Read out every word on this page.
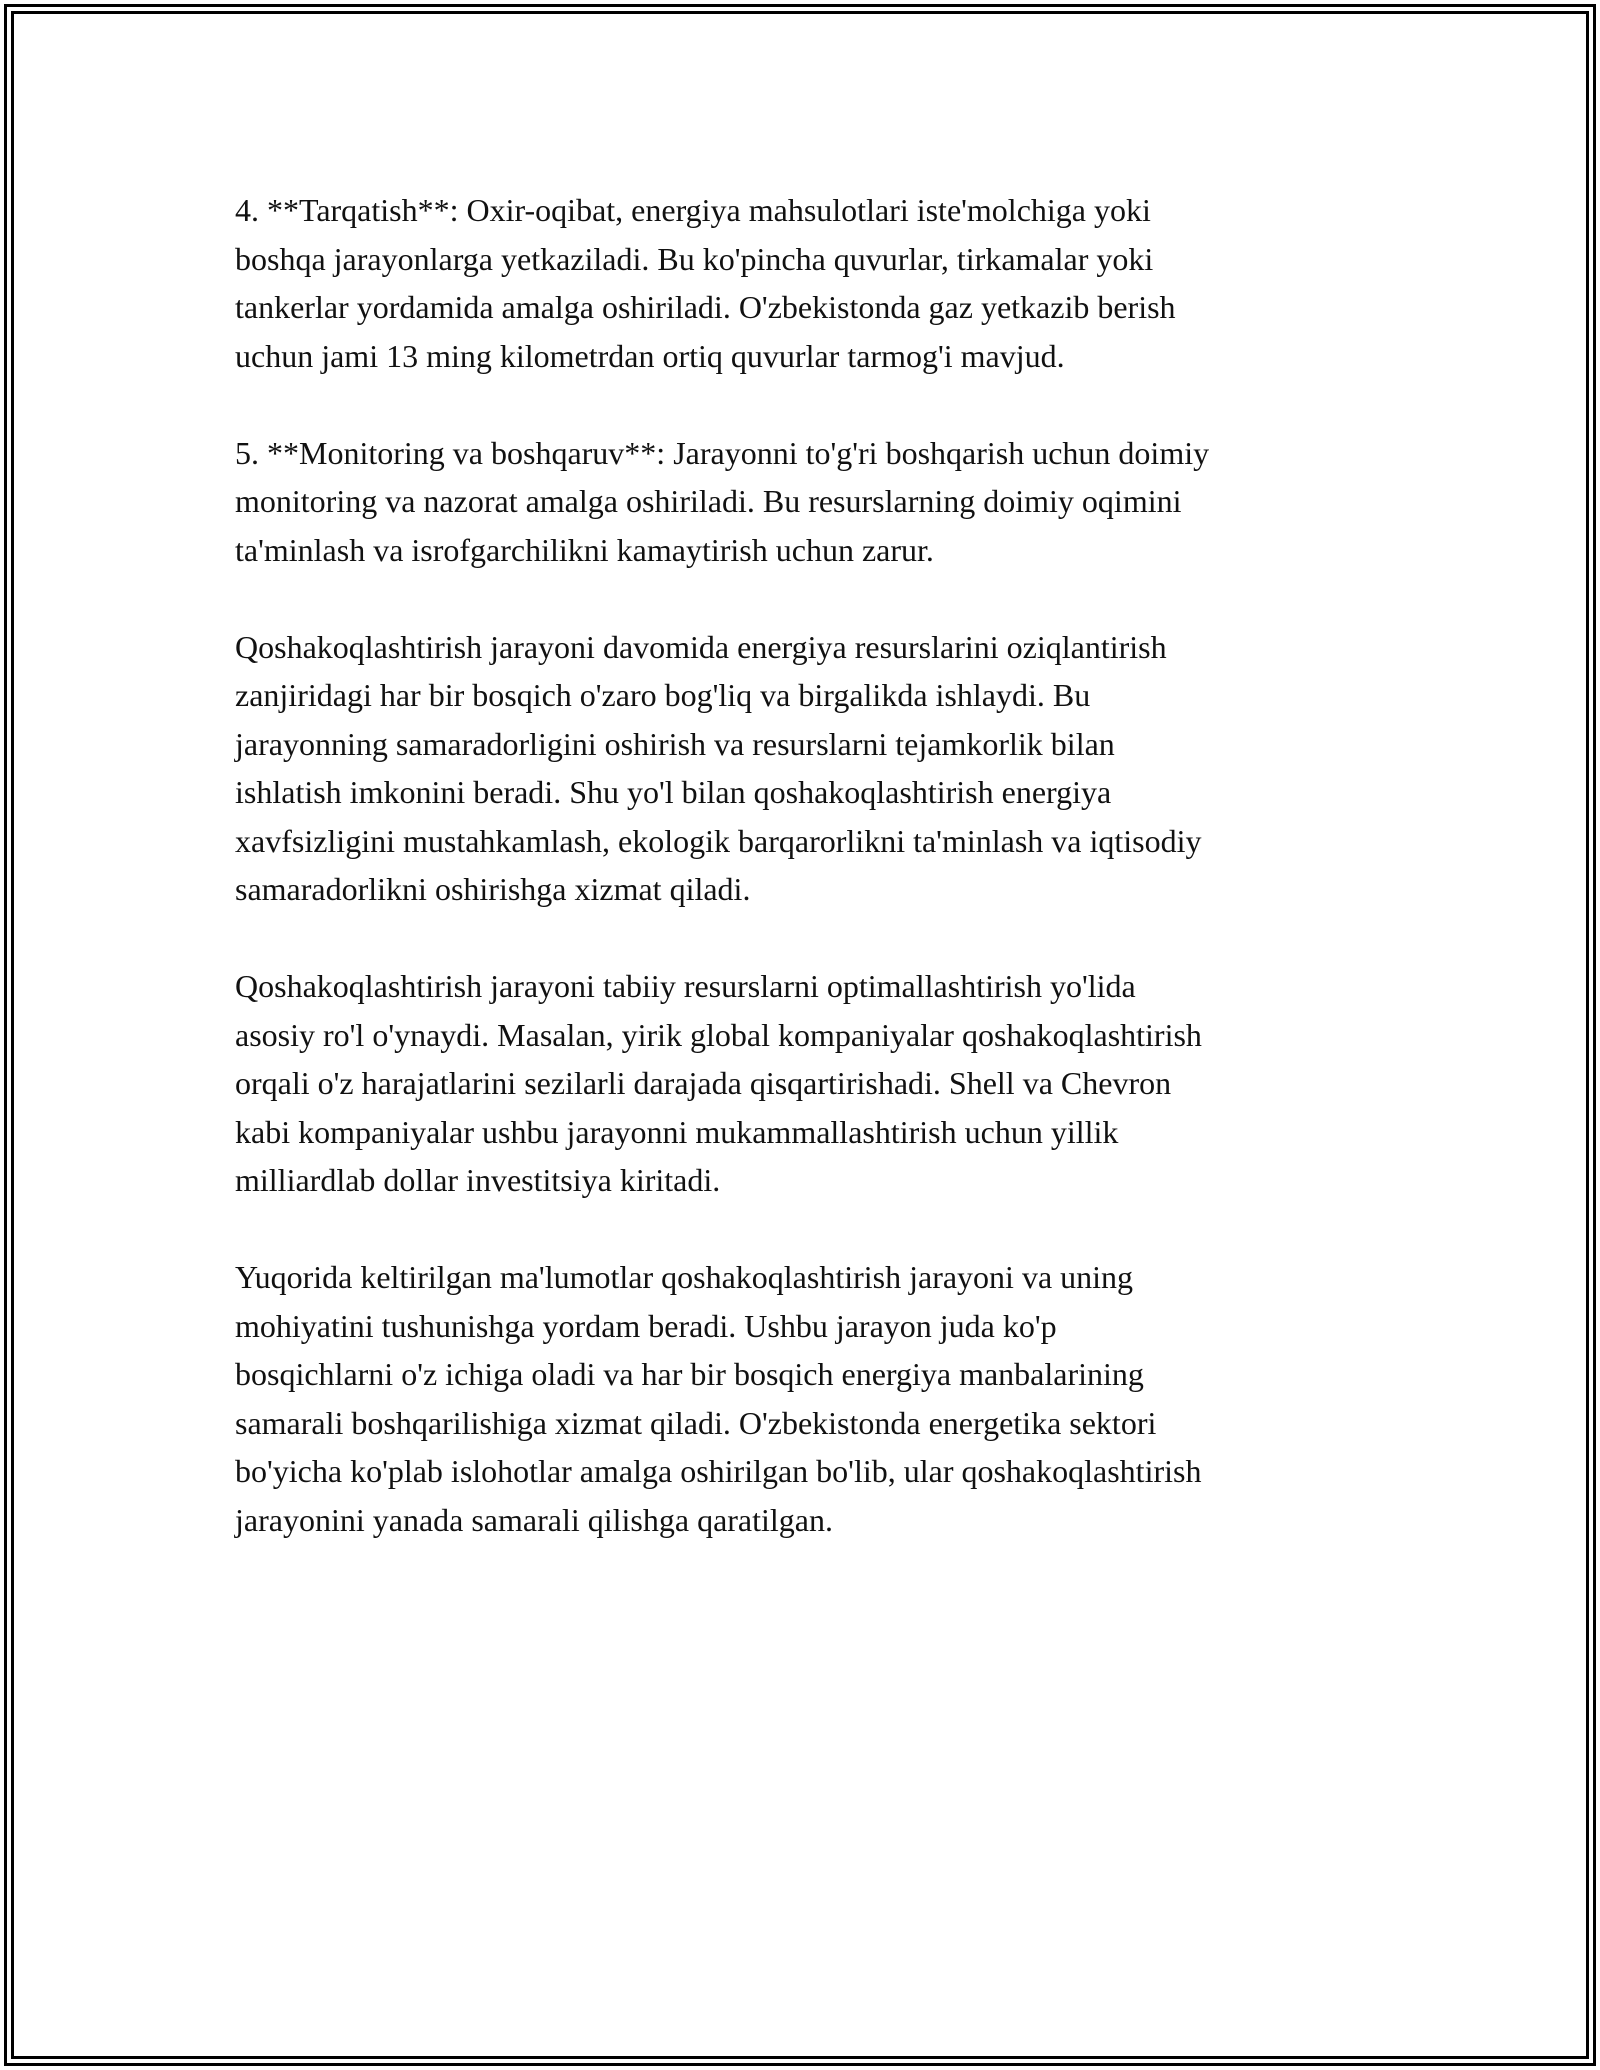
4. **Tarqatish**: Oxir-oqibat, energiya mahsulotlari iste'molchiga yoki
boshqa jarayonlarga yetkaziladi. Bu ko'pincha quvurlar, tirkamalar yoki
tankerlar yordamida amalga oshiriladi. O'zbekistonda gaz yetkazib berish
uchun jami 13 ming kilometrdan ortiq quvurlar tarmog'i mavjud.

5. **Monitoring va boshqaruv**: Jarayonni to'g'ri boshqarish uchun doimiy
monitoring va nazorat amalga oshiriladi. Bu resurslarning doimiy oqimini
ta'minlash va isrofgarchilikni kamaytirish uchun zarur.

Qoshakoqlashtirish jarayoni davomida energiya resurslarini oziqlantirish
zanjiridagi har bir bosqich o'zaro bog'liq va birgalikda ishlaydi. Bu
jarayonning samaradorligini oshirish va resurslarni tejamkorlik bilan
ishlatish imkonini beradi. Shu yo'l bilan qoshakoqlashtirish energiya
xavfsizligini mustahkamlash, ekologik barqarorlikni ta'minlash va iqtisodiy
samaradorlikni oshirishga xizmat qiladi.

Qoshakoqlashtirish jarayoni tabiiy resurslarni optimallashtirish yo'lida
asosiy ro'l o'ynaydi. Masalan, yirik global kompaniyalar qoshakoqlashtirish
orqali o'z harajatlarini sezilarli darajada qisqartirishadi. Shell va Chevron
kabi kompaniyalar ushbu jarayonni mukammallashtirish uchun yillik
milliardlab dollar investitsiya kiritadi.

Yuqorida keltirilgan ma'lumotlar qoshakoqlashtirish jarayoni va uning
mohiyatini tushunishga yordam beradi. Ushbu jarayon juda ko'p
bosqichlarni o'z ichiga oladi va har bir bosqich energiya manbalarining
samarali boshqarilishiga xizmat qiladi. O'zbekistonda energetika sektori
bo'yicha ko'plab islohotlar amalga oshirilgan bo'lib, ular qoshakoqlashtirish
jarayonini yanada samarali qilishga qaratilgan.
